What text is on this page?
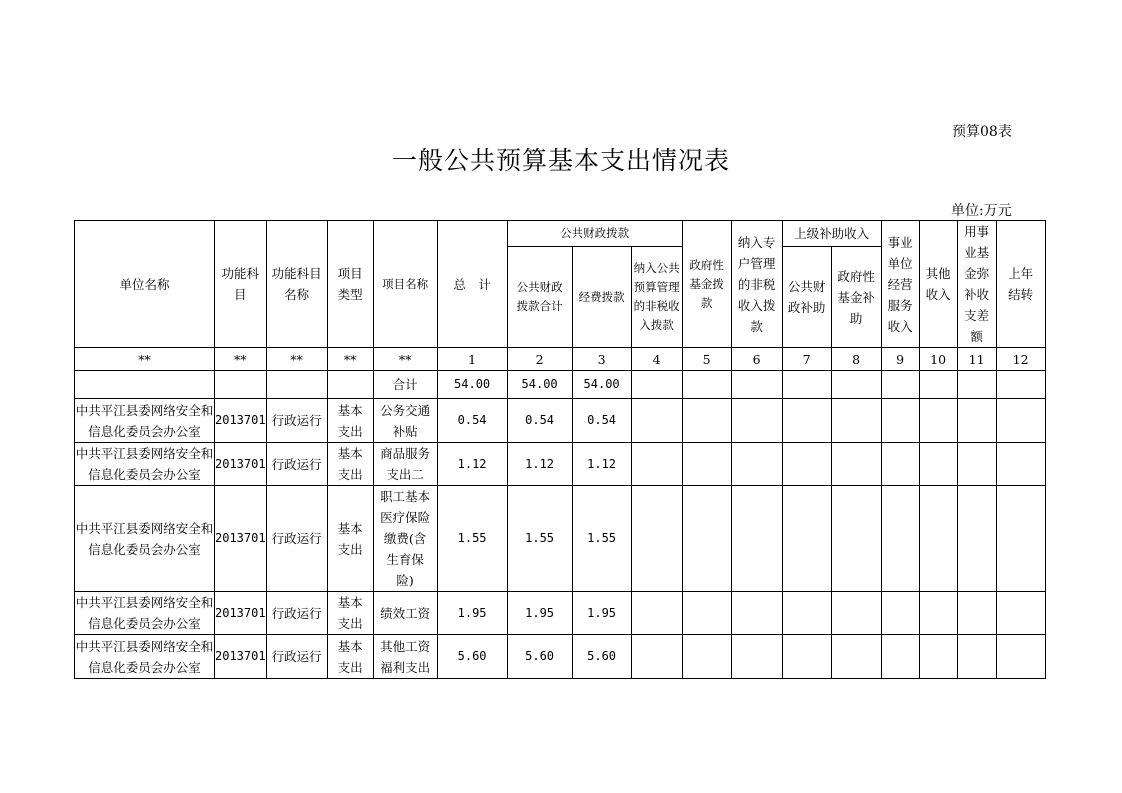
预算08表
一般公共预算基本支出情况表
单位:万元
单位名称	功能科目	功能科目名称	项目类型	项目名称	总　计	公共财政拨款			政府性基金拨款	纳入专户管理的非税收入拨款	上级补助收入		事业单位经营服务收入	其他收入	用事业基金弥补收支差额	上年结转
						公共财政拨款合计	经费拨款	纳入公共预算管理的非税收入拨款			公共财政补助	政府性基金补助				
**	**	**	**	**	1	2	3	4	5	6	7	8	9	10	11	12
				合计	54.00	54.00	54.00									
中共平江县委网络安全和信息化委员会办公室	2013701	行政运行	基本支出	公务交通补贴	0.54	0.54	0.54									
中共平江县委网络安全和信息化委员会办公室	2013701	行政运行	基本支出	商品服务支出二	1.12	1.12	1.12									
中共平江县委网络安全和信息化委员会办公室	2013701	行政运行	基本支出	职工基本医疗保险缴费(含生育保险)	1.55	1.55	1.55									
中共平江县委网络安全和信息化委员会办公室	2013701	行政运行	基本支出	绩效工资	1.95	1.95	1.95									
中共平江县委网络安全和信息化委员会办公室	2013701	行政运行	基本支出	其他工资福利支出	5.60	5.60	5.60									
